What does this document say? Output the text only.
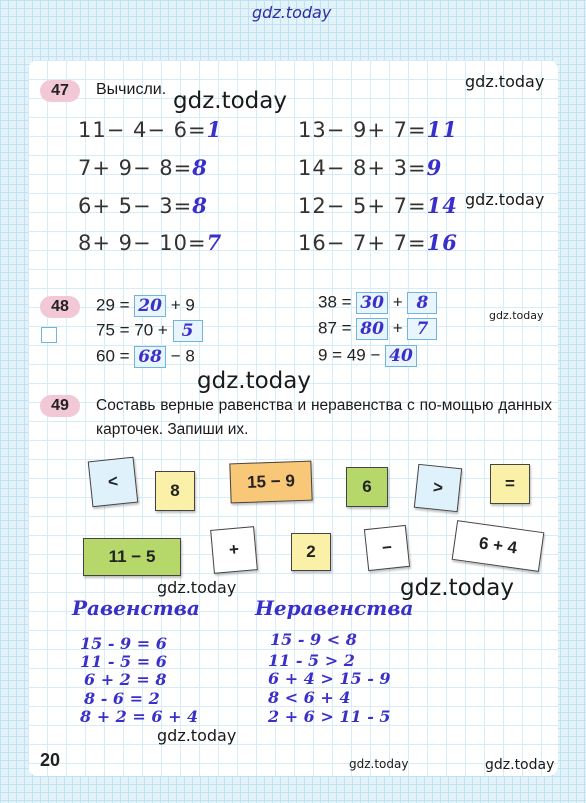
gdz.today
gdz.today
gdz.today
gdz.today
gdz.today
gdz.today
gdz.today	gdz.today
gdz.today
gdz.today	gdz.today
47	Вычисли.
11− 4− 6=1
7+ 9− 8=8
6+ 5− 3=8
8+ 9− 10=7
13− 9+ 7=11
14− 8+ 3=9
12− 5+ 7=14
16− 7+ 7=16
48	29 = 20 + 9
75 = 70 + 5
60 = 68 − 8
38 = 30 + 8
87 = 80 + 7
9 = 49 − 40
49	Составь верные равенства и неравенства с по-мощью данных карточек. Запиши их.
<	8	15 − 9	6	>	=
11 − 5	+	2	−	6 + 4
Равенства	Неравенства
15 - 9 = 6
11 - 5 = 6
6 + 2 = 8
8 - 6 = 2
8 + 2 = 6 + 4
15 - 9 < 8
11 - 5 > 2
6 + 4 > 15 - 9
8 < 6 + 4
2 + 6 > 11 - 5
20
